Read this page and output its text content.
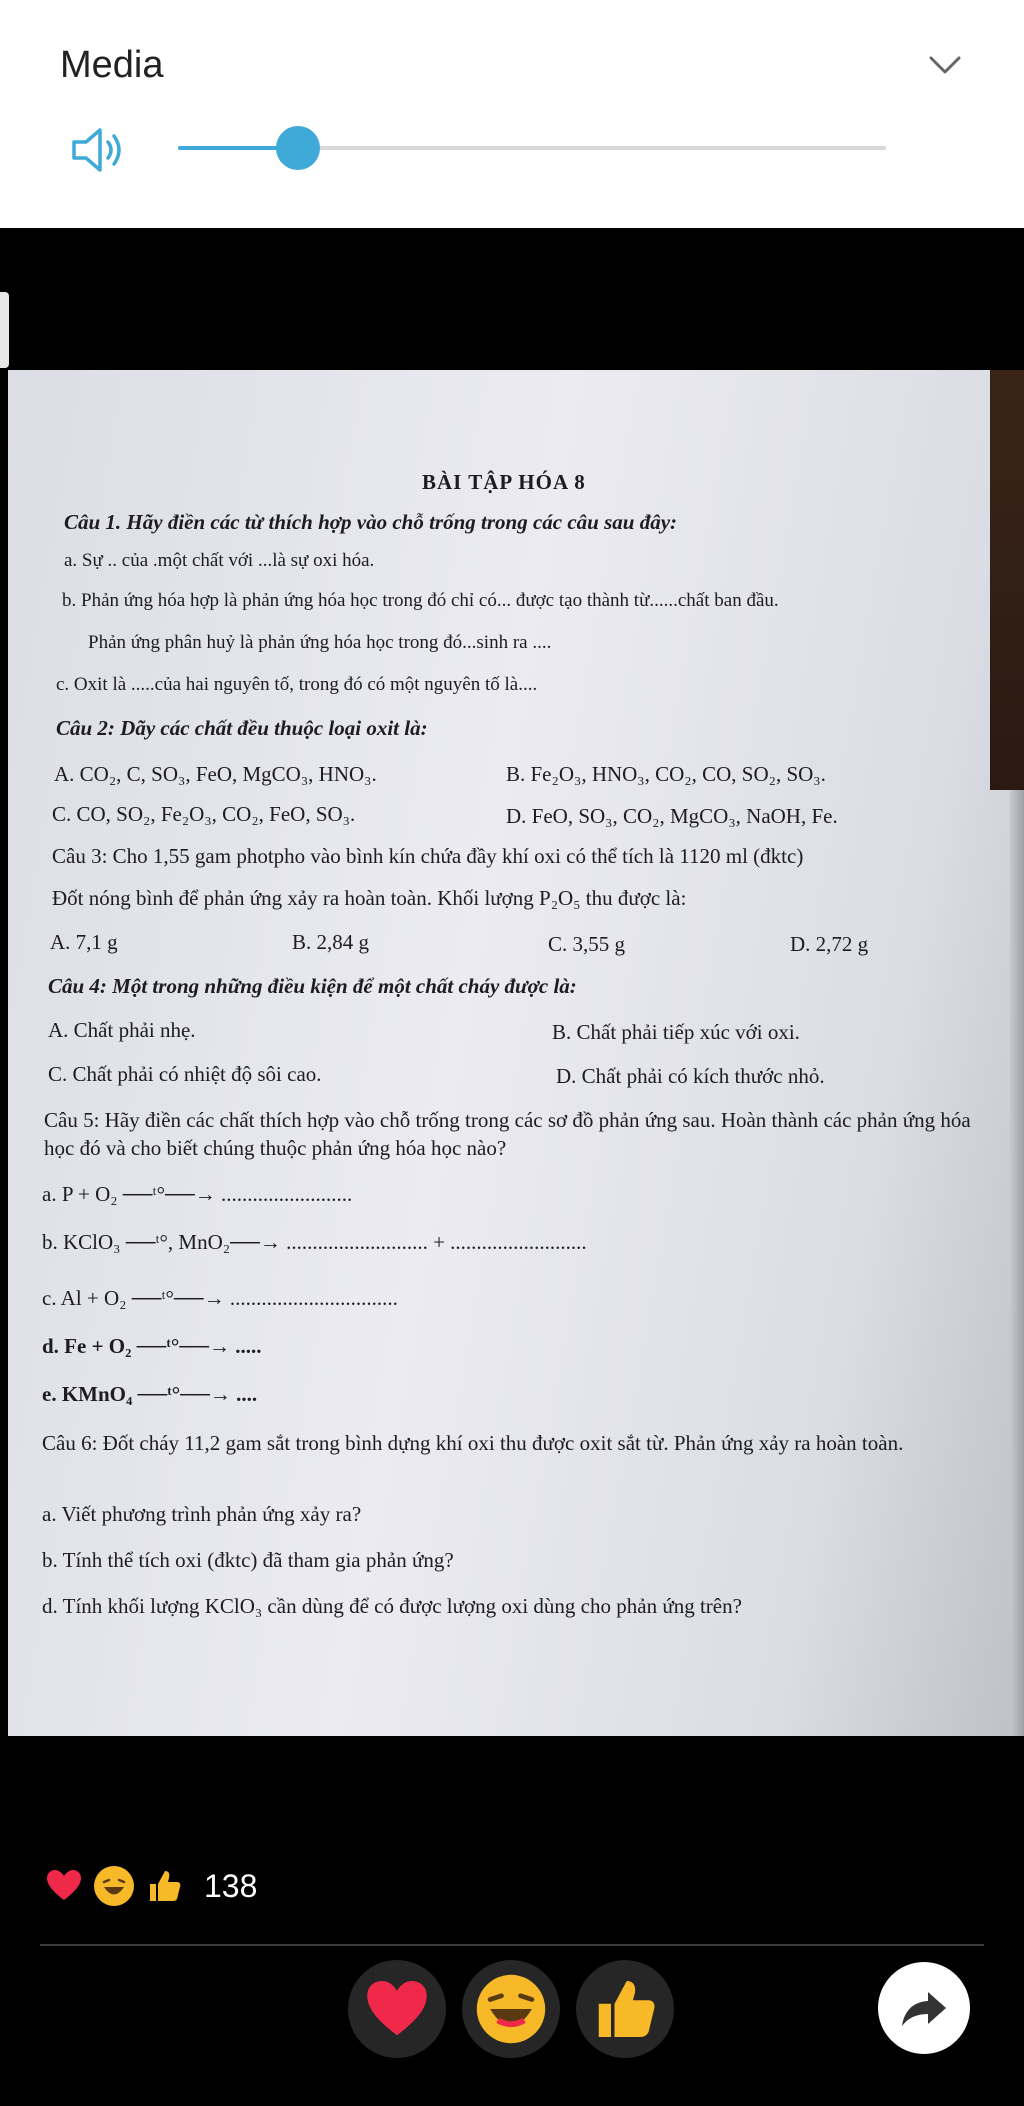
Media
BÀI TẬP HÓA 8
Câu 1. Hãy điền các từ thích hợp vào chỗ trống trong các câu sau đây:
a. Sự .. của .một chất với ...là sự oxi hóa.
b. Phản ứng hóa hợp là phản ứng hóa học trong đó chỉ có... được tạo thành từ......chất ban đầu.
Phản ứng phân huỷ là phản ứng hóa học trong đó...sinh ra ....
c. Oxit là .....của hai nguyên tố, trong đó có một nguyên tố là....
Câu 2: Dãy các chất đều thuộc loại oxit là:
A. CO₂, C, SO₃, FeO, MgCO₃, HNO₃.	B. Fe₂O₃, HNO₃, CO₂, CO, SO₂, SO₃.
C. CO, SO₂, Fe₂O₃, CO₂, FeO, SO₃.	D. FeO, SO₃, CO₂, MgCO₃, NaOH, Fe.
Câu 3: Cho 1,55 gam photpho vào bình kín chứa đầy khí oxi có thể tích là 1120 ml (đktc)
Đốt nóng bình để phản ứng xảy ra hoàn toàn. Khối lượng P₂O₅ thu được là:
A. 7,1 g	B. 2,84 g	C. 3,55 g	D. 2,72 g
Câu 4: Một trong những điều kiện để một chất cháy được là:
A. Chất phải nhẹ.	B. Chất phải tiếp xúc với oxi.
C. Chất phải có nhiệt độ sôi cao.	D. Chất phải có kích thước nhỏ.
Câu 5: Hãy điền các chất thích hợp vào chỗ trống trong các sơ đồ phản ứng sau. Hoàn thành các phản ứng hóa học đó và cho biết chúng thuộc phản ứng hóa học nào?
a. P + O₂ ──ᵗ°──→ .........................
b. KClO₃ ──ᵗ°, MnO₂──→ ........................... + ..........................
c. Al + O₂ ──ᵗ°──→ ................................
d. Fe + O₂ ──ᵗ°──→ .....
e. KMnO₄ ──ᵗ°──→ ....
Câu 6: Đốt cháy 11,2 gam sắt trong bình dựng khí oxi thu được oxit sắt từ. Phản ứng xảy ra hoàn toàn.
a. Viết phương trình phản ứng xảy ra?
b. Tính thể tích oxi (đktc) đã tham gia phản ứng?
d. Tính khối lượng KClO₃ cần dùng để có được lượng oxi dùng cho phản ứng trên?
138
